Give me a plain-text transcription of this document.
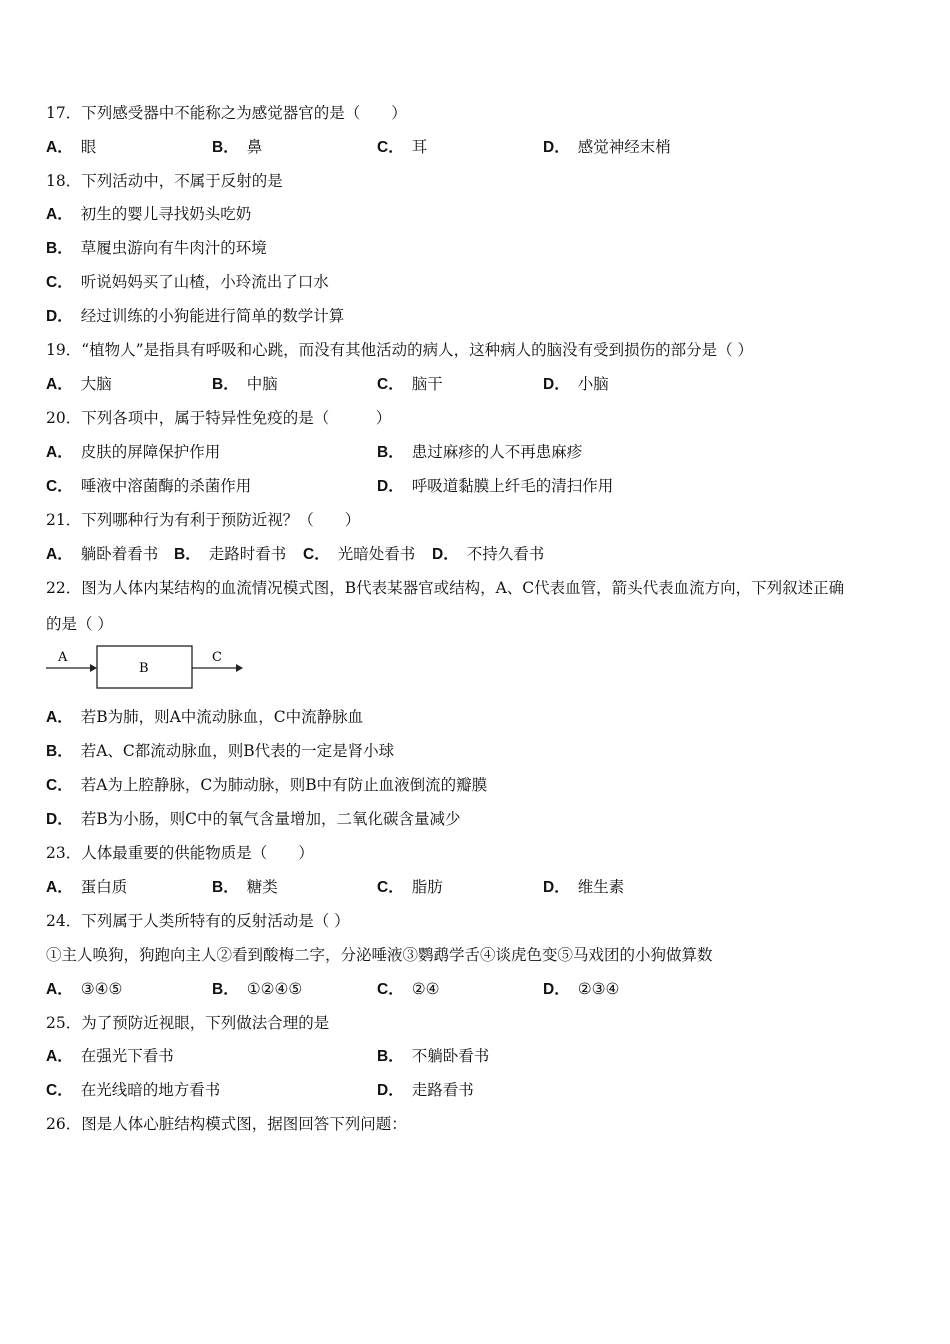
17．下列感受器中不能称之为感觉器官的是（　　）
A． 眼	B． 鼻	C． 耳	D． 感觉神经末梢
18．下列活动中，不属于反射的是
A． 初生的婴儿寻找奶头吃奶
B． 草履虫游向有牛肉汁的环境
C． 听说妈妈买了山楂，小玲流出了口水
D． 经过训练的小狗能进行简单的数学计算
19．“植物人”是指具有呼吸和心跳，而没有其他活动的病人，这种病人的脑没有受到损伤的部分是（ ）
A． 大脑	B． 中脑	C． 脑干	D． 小脑
20．下列各项中，属于特异性免疫的是（　　　）
A． 皮肤的屏障保护作用	B． 患过麻疹的人不再患麻疹
C． 唾液中溶菌酶的杀菌作用	D． 呼吸道黏膜上纤毛的清扫作用
21．下列哪种行为有利于预防近视？（　　）
A． 躺卧着看书 B． 走路时看书 C． 光暗处看书 D． 不持久看书
22．图为人体内某结构的血流情况模式图，B代表某器官或结构，A、C代表血管，箭头代表血流方向，下列叙述正确
的是（ ）
A
B
C
A． 若B为肺，则A中流动脉血，C中流静脉血
B． 若A、C都流动脉血，则B代表的一定是肾小球
C． 若A为上腔静脉，C为肺动脉，则B中有防止血液倒流的瓣膜
D． 若B为小肠，则C中的氧气含量增加，二氧化碳含量减少
23．人体最重要的供能物质是（　　）
A． 蛋白质	B． 糖类	C． 脂肪	D． 维生素
24．下列属于人类所特有的反射活动是（ ）
①主人唤狗，狗跑向主人②看到酸梅二字，分泌唾液③鹦鹉学舌④谈虎色变⑤马戏团的小狗做算数
A． ③④⑤	B． ①②④⑤	C． ②④	D． ②③④
25．为了预防近视眼，下列做法合理的是
A． 在强光下看书	B． 不躺卧看书
C． 在光线暗的地方看书	D． 走路看书
26．图是人体心脏结构模式图，据图回答下列问题：
